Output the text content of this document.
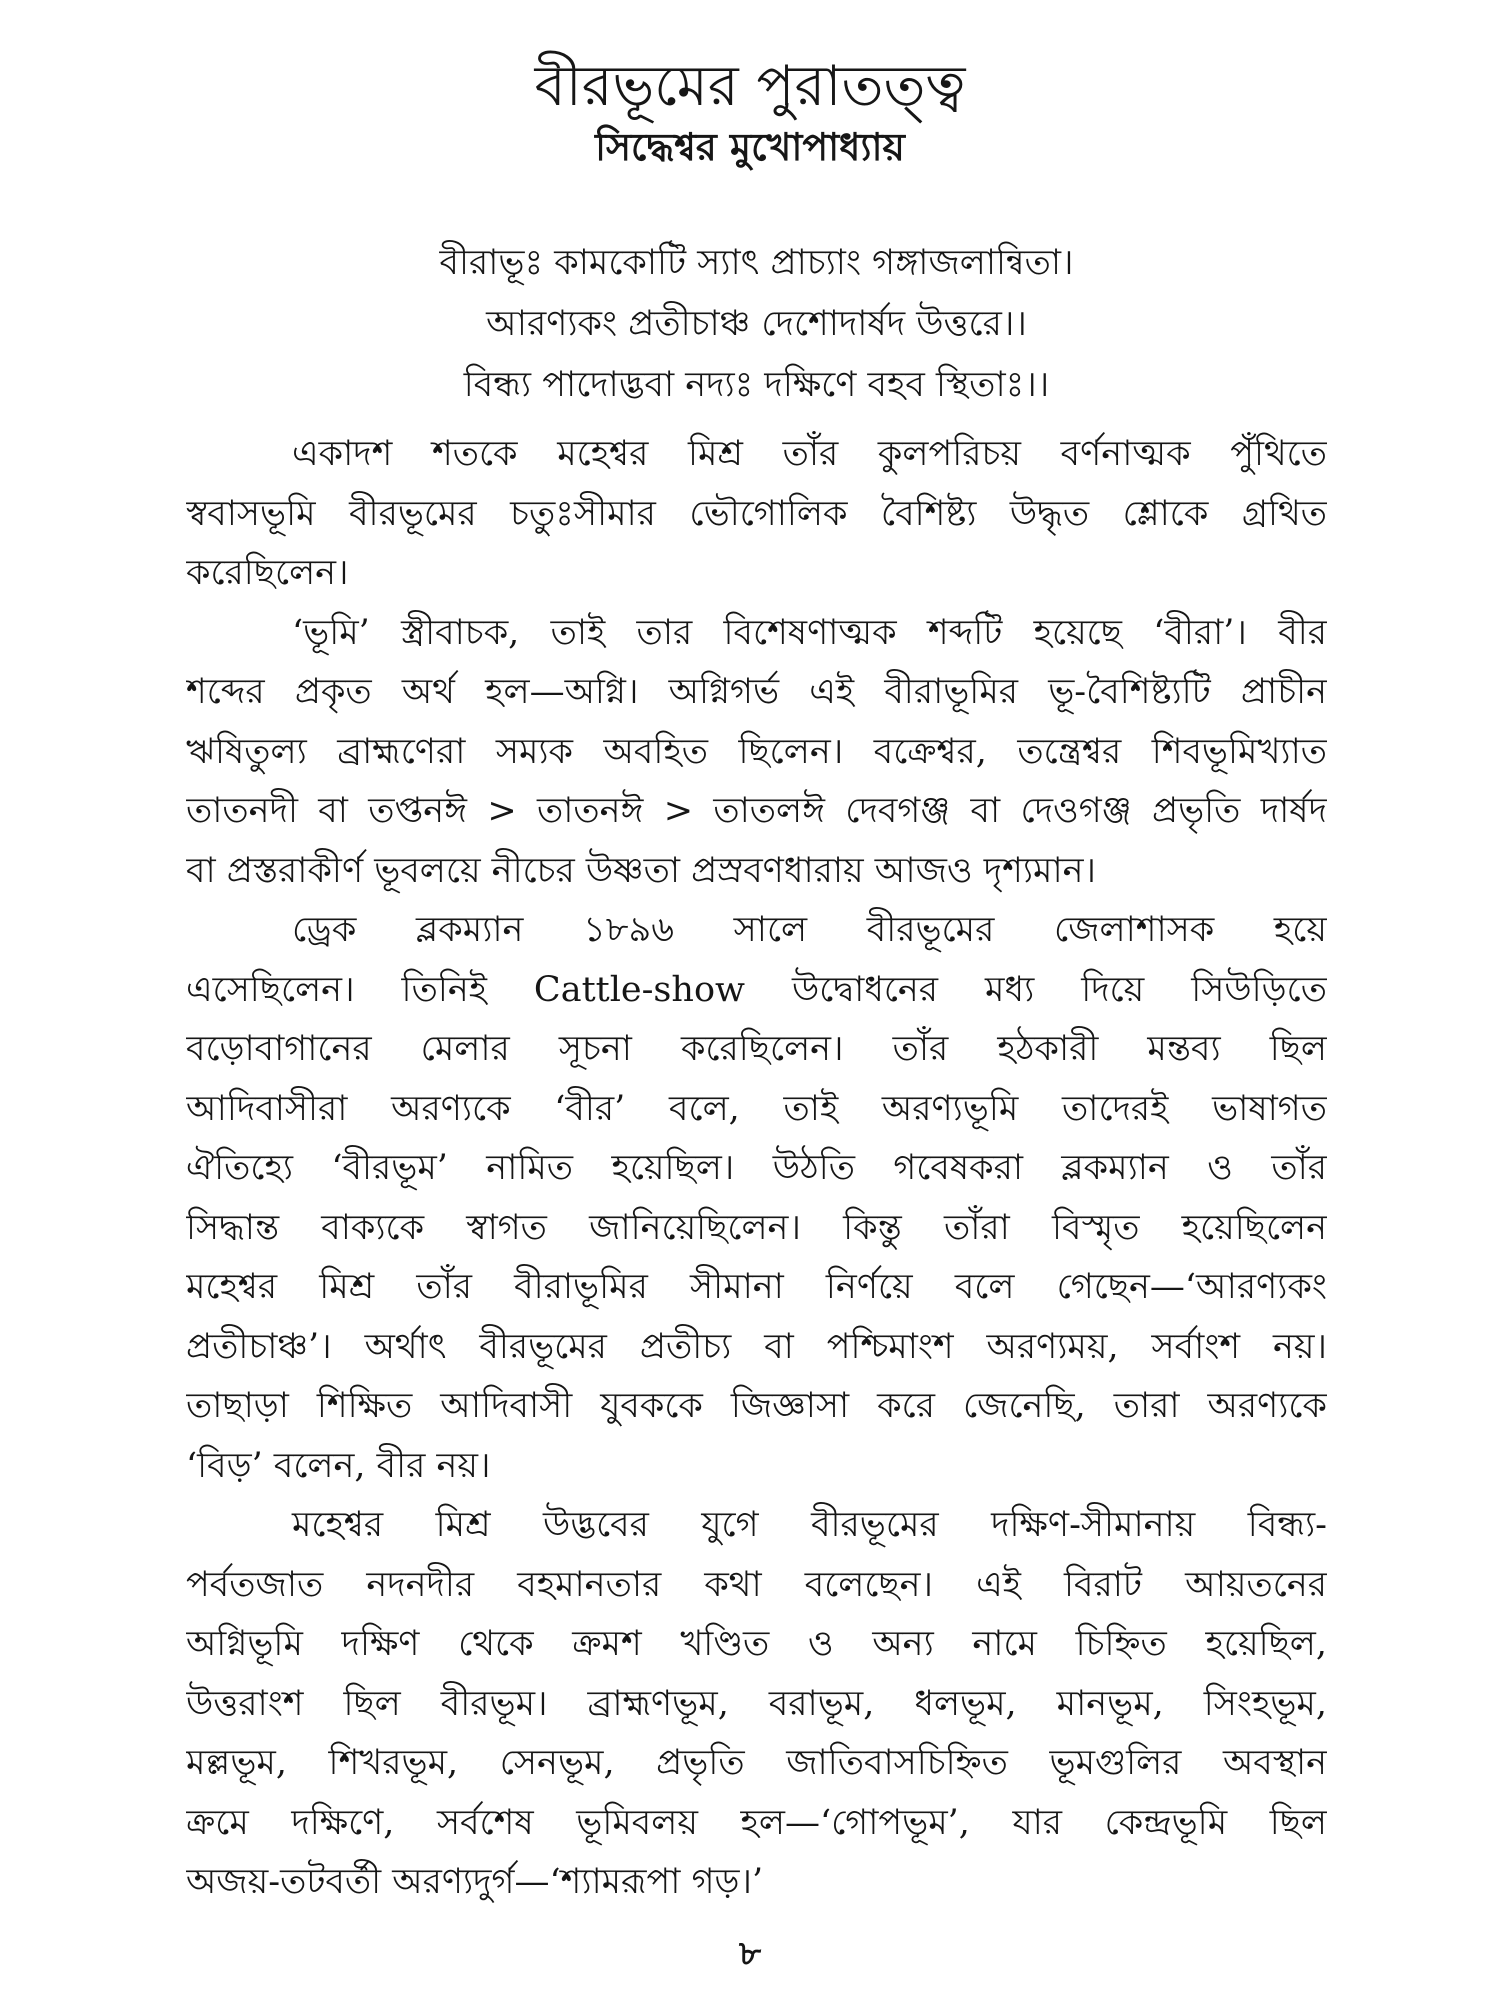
বীরভূমের পুরাতত্ত্ব
সিদ্ধেশ্বর মুখোপাধ্যায়
বীরাভূঃ কামকোটি স্যাৎ প্রাচ্যাং গঙ্গাজলান্বিতা।
আরণ্যকং প্রতীচাঞ্চ দেশোদার্ষদ উত্তরে।।
বিন্ধ্য পাদোদ্ভবা নদ্যঃ দক্ষিণে বহব স্থিতাঃ।।
একাদশ শতকে মহেশ্বর মিশ্র তাঁর কুলপরিচয় বর্ণনাত্মক পুঁথিতে
স্ববাসভূমি বীরভূমের চতুঃসীমার ভৌগোলিক বৈশিষ্ট্য উদ্ধৃত শ্লোকে গ্রথিত
করেছিলেন।
‘ভূমি’ স্ত্রীবাচক, তাই তার বিশেষণাত্মক শব্দটি হয়েছে ‘বীরা’। বীর
শব্দের প্রকৃত অর্থ হল—অগ্নি। অগ্নিগর্ভ এই বীরাভূমির ভূ-বৈশিষ্ট্যটি প্রাচীন
ঋষিতুল্য ব্রাহ্মণেরা সম্যক অবহিত ছিলেন। বক্রেশ্বর, তন্ত্রেশ্বর শিবভূমিখ্যাত
তাতনদী বা তপ্তনঈ > তাতনঈ > তাতলঈ দেবগঞ্জ বা দেওগঞ্জ প্রভৃতি দার্ষদ
বা প্রস্তরাকীর্ণ ভূবলয়ে নীচের উষ্ণতা প্রস্রবণধারায় আজও দৃশ্যমান।
ড্রেক ব্লকম্যান ১৮৯৬ সালে বীরভূমের জেলাশাসক হয়ে
এসেছিলেন। তিনিই Cattle-show উদ্বোধনের মধ্য দিয়ে সিউড়িতে
বড়োবাগানের মেলার সূচনা করেছিলেন। তাঁর হঠকারী মন্তব্য ছিল
আদিবাসীরা অরণ্যকে ‘বীর’ বলে, তাই অরণ্যভূমি তাদেরই ভাষাগত
ঐতিহ্যে ‘বীরভূম’ নামিত হয়েছিল। উঠতি গবেষকরা ব্লকম্যান ও তাঁর
সিদ্ধান্ত বাক্যকে স্বাগত জানিয়েছিলেন। কিন্তু তাঁরা বিস্মৃত হয়েছিলেন
মহেশ্বর মিশ্র তাঁর বীরাভূমির সীমানা নির্ণয়ে বলে গেছেন—‘আরণ্যকং
প্রতীচাঞ্চ’। অর্থাৎ বীরভূমের প্রতীচ্য বা পশ্চিমাংশ অরণ্যময়, সর্বাংশ নয়।
তাছাড়া শিক্ষিত আদিবাসী যুবককে জিজ্ঞাসা করে জেনেছি, তারা অরণ্যকে
‘বিড়’ বলেন, বীর নয়।
মহেশ্বর মিশ্র উদ্ভবের যুগে বীরভূমের দক্ষিণ-সীমানায় বিন্ধ্য-
পর্বতজাত নদনদীর বহমানতার কথা বলেছেন। এই বিরাট আয়তনের
অগ্নিভূমি দক্ষিণ থেকে ক্রমশ খণ্ডিত ও অন্য নামে চিহ্নিত হয়েছিল,
উত্তরাংশ ছিল বীরভূম। ব্রাহ্মণভূম, বরাভূম, ধলভূম, মানভূম, সিংহভূম,
মল্লভূম, শিখরভূম, সেনভূম, প্রভৃতি জাতিবাসচিহ্নিত ভূমগুলির অবস্থান
ক্রমে দক্ষিণে, সর্বশেষ ভূমিবলয় হল—‘গোপভূম’, যার কেন্দ্রভূমি ছিল
অজয়-তটবর্তী অরণ্যদুর্গ—‘শ্যামরূপা গড়।’
৮
